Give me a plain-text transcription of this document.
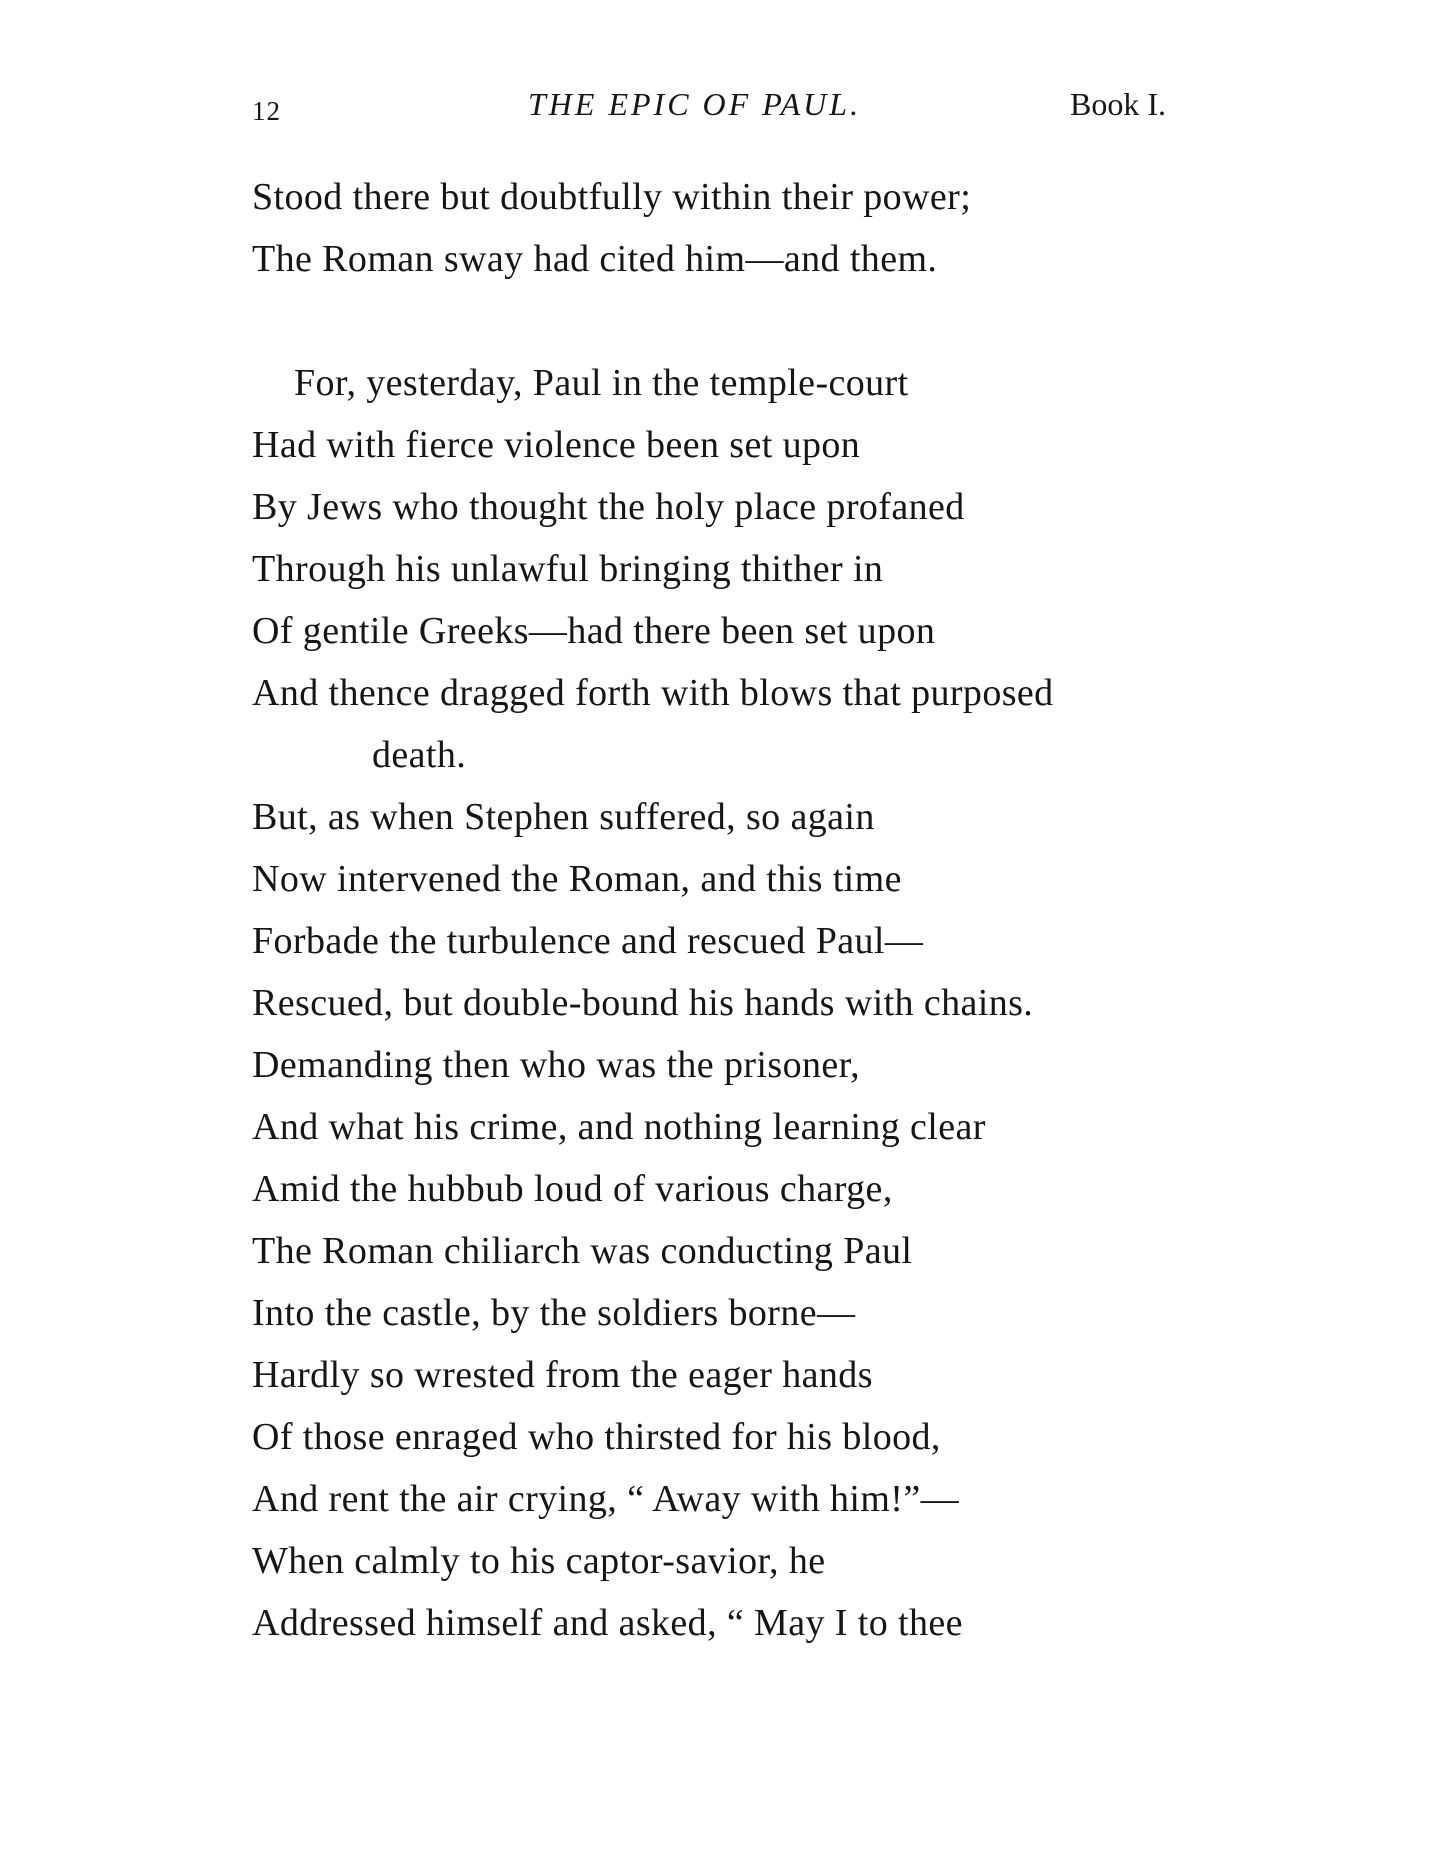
12	THE EPIC OF PAUL.	Book I.
Stood there but doubtfully within their power;
The Roman sway had cited him—and them.
For, yesterday, Paul in the temple-court
Had with fierce violence been set upon
By Jews who thought the holy place profaned
Through his unlawful bringing thither in
Of gentile Greeks—had there been set upon
And thence dragged forth with blows that purposed
death.
But, as when Stephen suffered, so again
Now intervened the Roman, and this time
Forbade the turbulence and rescued Paul—
Rescued, but double-bound his hands with chains.
Demanding then who was the prisoner,
And what his crime, and nothing learning clear
Amid the hubbub loud of various charge,
The Roman chiliarch was conducting Paul
Into the castle, by the soldiers borne—
Hardly so wrested from the eager hands
Of those enraged who thirsted for his blood,
And rent the air crying, “ Away with him!”—
When calmly to his captor-savior, he
Addressed himself and asked, “ May I to thee
